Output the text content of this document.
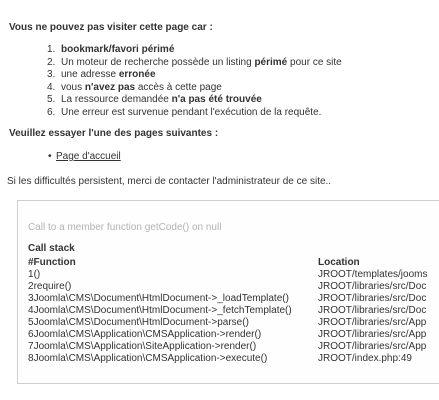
Vous ne pouvez pas visiter cette page car :
1. bookmark/favori périmé
2. Un moteur de recherche possède un listing périmé pour ce site
3. une adresse erronée
4. vous n'avez pas accès à cette page
5. La ressource demandée n'a pas été trouvée
6. Une erreur est survenue pendant l'exécution de la requête.
Veuillez essayer l'une des pages suivantes :
• Page d'accueil
Si les difficultés persistent, merci de contacter l'administrateur de ce site..
Call to a member function getCode() on null
Call stack
#Function	Location
1()	JROOT/templates/jooms
2require()	JROOT/libraries/src/Doc
3Joomla\CMS\Document\HtmlDocument->_loadTemplate()	JROOT/libraries/src/Doc
4Joomla\CMS\Document\HtmlDocument->_fetchTemplate()	JROOT/libraries/src/Doc
5Joomla\CMS\Document\HtmlDocument->parse()	JROOT/libraries/src/App
6Joomla\CMS\Application\CMSApplication->render()	JROOT/libraries/src/App
7Joomla\CMS\Application\SiteApplication->render()	JROOT/libraries/src/App
8Joomla\CMS\Application\CMSApplication->execute()	JROOT/index.php:49
